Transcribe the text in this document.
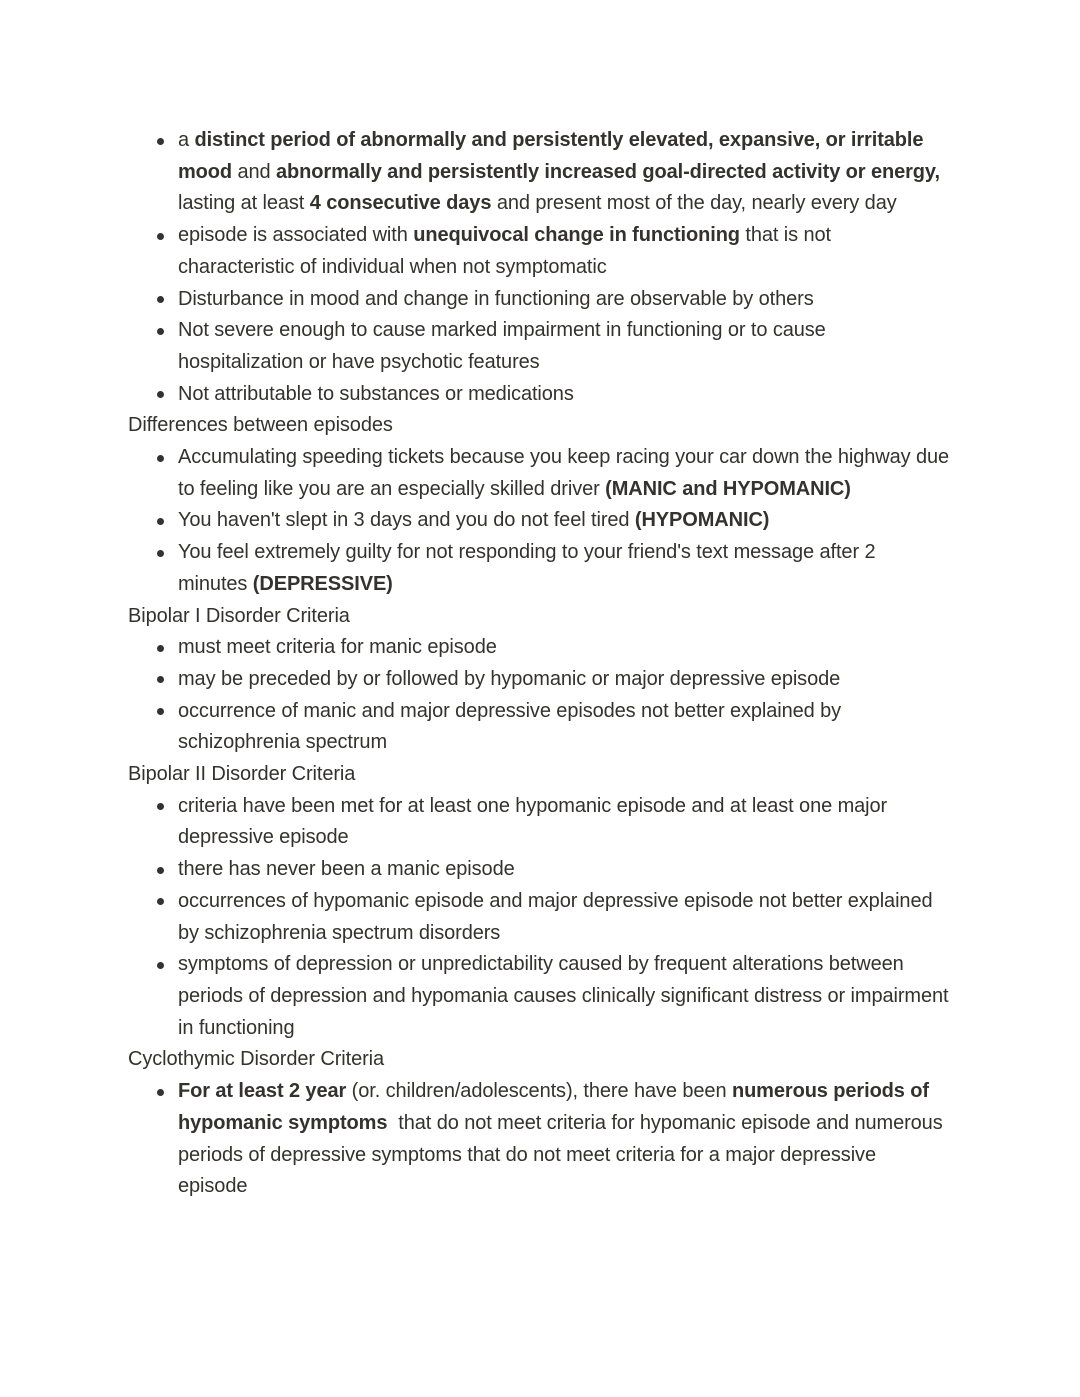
a distinct period of abnormally and persistently elevated, expansive, or irritable mood and abnormally and persistently increased goal-directed activity or energy, lasting at least 4 consecutive days and present most of the day, nearly every day
episode is associated with unequivocal change in functioning that is not characteristic of individual when not symptomatic
Disturbance in mood and change in functioning are observable by others
Not severe enough to cause marked impairment in functioning or to cause hospitalization or have psychotic features
Not attributable to substances or medications

Differences between episodes

Accumulating speeding tickets because you keep racing your car down the highway due to feeling like you are an especially skilled driver (MANIC and HYPOMANIC)
You haven't slept in 3 days and you do not feel tired (HYPOMANIC)
You feel extremely guilty for not responding to your friend's text message after 2 minutes (DEPRESSIVE)

Bipolar I Disorder Criteria

must meet criteria for manic episode
may be preceded by or followed by hypomanic or major depressive episode
occurrence of manic and major depressive episodes not better explained by schizophrenia spectrum

Bipolar II Disorder Criteria

criteria have been met for at least one hypomanic episode and at least one major depressive episode
there has never been a manic episode
occurrences of hypomanic episode and major depressive episode not better explained by schizophrenia spectrum disorders
symptoms of depression or unpredictability caused by frequent alterations between periods of depression and hypomania causes clinically significant distress or impairment in functioning

Cyclothymic Disorder Criteria

For at least 2 year (or. children/adolescents), there have been numerous periods of hypomanic symptoms  that do not meet criteria for hypomanic episode and numerous periods of depressive symptoms that do not meet criteria for a major depressive episode
